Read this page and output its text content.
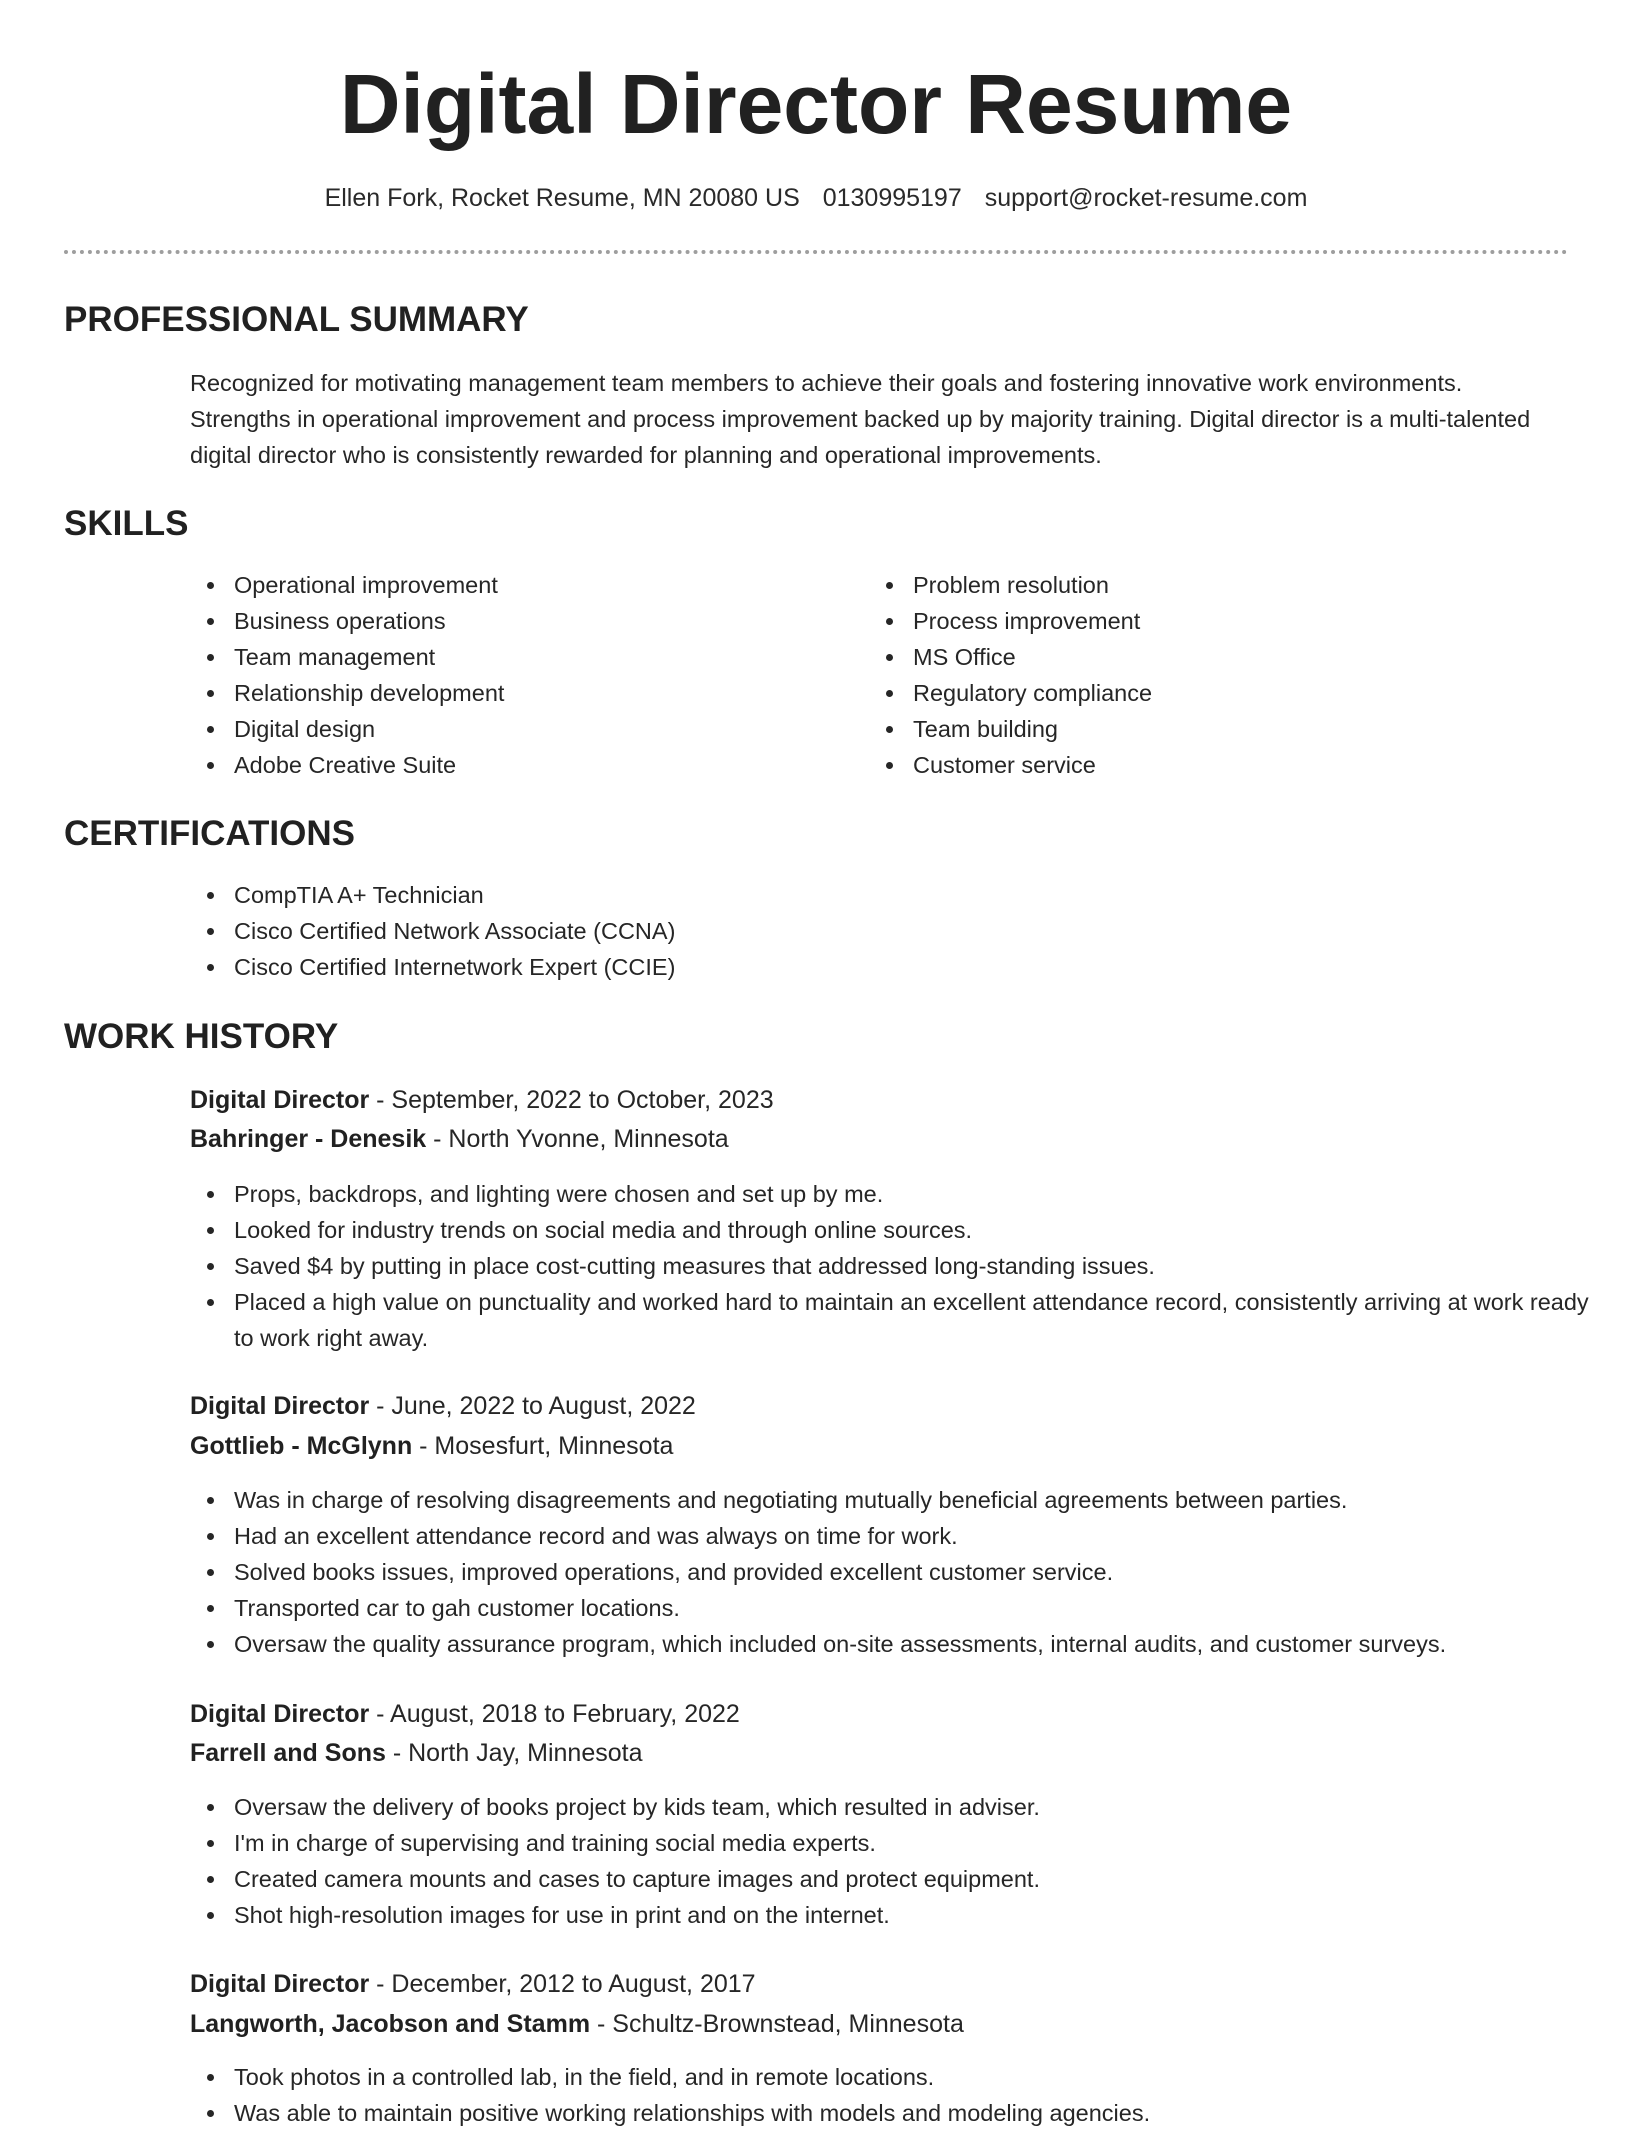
Digital Director Resume
Ellen Fork, Rocket Resume, MN 20080 US 0130995197 support@rocket-resume.com
PROFESSIONAL SUMMARY

Recognized for motivating management team members to achieve their goals and fostering innovative work environments. Strengths in operational improvement and process improvement backed up by majority training. Digital director is a multi-talented digital director who is consistently rewarded for planning and operational improvements.

SKILLS
Operational improvement
Business operations
Team management
Relationship development
Digital design
Adobe Creative Suite
Problem resolution
Process improvement
MS Office
Regulatory compliance
Team building
Customer service
CERTIFICATIONS
CompTIA A+ Technician
Cisco Certified Network Associate (CCNA)
Cisco Certified Internetwork Expert (CCIE)
WORK HISTORY
Digital Director - September, 2022 to October, 2023
Bahringer - Denesik - North Yvonne, Minnesota
Props, backdrops, and lighting were chosen and set up by me.
Looked for industry trends on social media and through online sources.
Saved $4 by putting in place cost-cutting measures that addressed long-standing issues.
Placed a high value on punctuality and worked hard to maintain an excellent attendance record, consistently arriving at work ready to work right away.
Digital Director - June, 2022 to August, 2022
Gottlieb - McGlynn - Mosesfurt, Minnesota
Was in charge of resolving disagreements and negotiating mutually beneficial agreements between parties.
Had an excellent attendance record and was always on time for work.
Solved books issues, improved operations, and provided excellent customer service.
Transported car to gah customer locations.
Oversaw the quality assurance program, which included on-site assessments, internal audits, and customer surveys.
Digital Director - August, 2018 to February, 2022
Farrell and Sons - North Jay, Minnesota
Oversaw the delivery of books project by kids team, which resulted in adviser.
I'm in charge of supervising and training social media experts.
Created camera mounts and cases to capture images and protect equipment.
Shot high-resolution images for use in print and on the internet.
Digital Director - December, 2012 to August, 2017
Langworth, Jacobson and Stamm - Schultz-Brownstead, Minnesota
Took photos in a controlled lab, in the field, and in remote locations.
Was able to maintain positive working relationships with models and modeling agencies.
